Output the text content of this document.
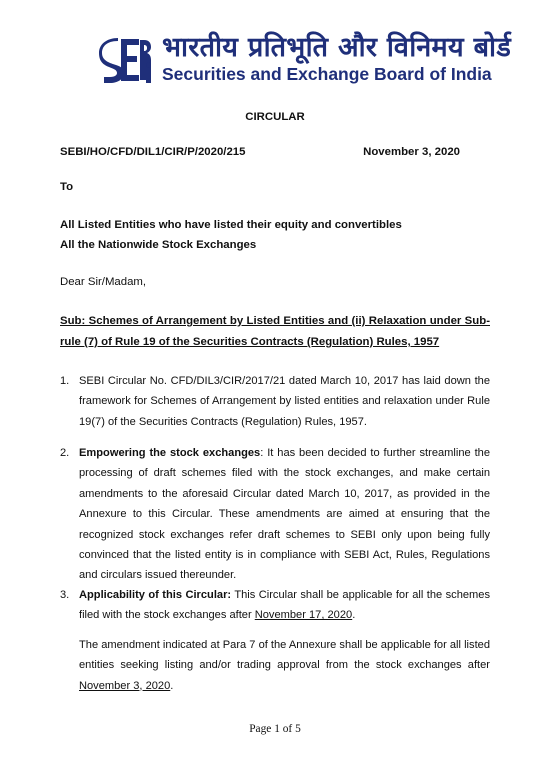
भारतीय प्रतिभूति और विनिमय बोर्ड
Securities and Exchange Board of India
CIRCULAR
SEBI/HO/CFD/DIL1/CIR/P/2020/215	November 3, 2020
To
All Listed Entities who have listed their equity and convertibles
All the Nationwide Stock Exchanges
Dear Sir/Madam,
Sub: Schemes of Arrangement by Listed Entities and (ii) Relaxation under Sub-rule (7) of Rule 19 of the Securities Contracts (Regulation) Rules, 1957
1. SEBI Circular No. CFD/DIL3/CIR/2017/21 dated March 10, 2017 has laid down the framework for Schemes of Arrangement by listed entities and relaxation under Rule 19(7) of the Securities Contracts (Regulation) Rules, 1957.
2. Empowering the stock exchanges: It has been decided to further streamline the processing of draft schemes filed with the stock exchanges, and make certain amendments to the aforesaid Circular dated March 10, 2017, as provided in the Annexure to this Circular. These amendments are aimed at ensuring that the recognized stock exchanges refer draft schemes to SEBI only upon being fully convinced that the listed entity is in compliance with SEBI Act, Rules, Regulations and circulars issued thereunder.
3. Applicability of this Circular: This Circular shall be applicable for all the schemes filed with the stock exchanges after November 17, 2020.
The amendment indicated at Para 7 of the Annexure shall be applicable for all listed entities seeking listing and/or trading approval from the stock exchanges after November 3, 2020.
Page 1 of 5
